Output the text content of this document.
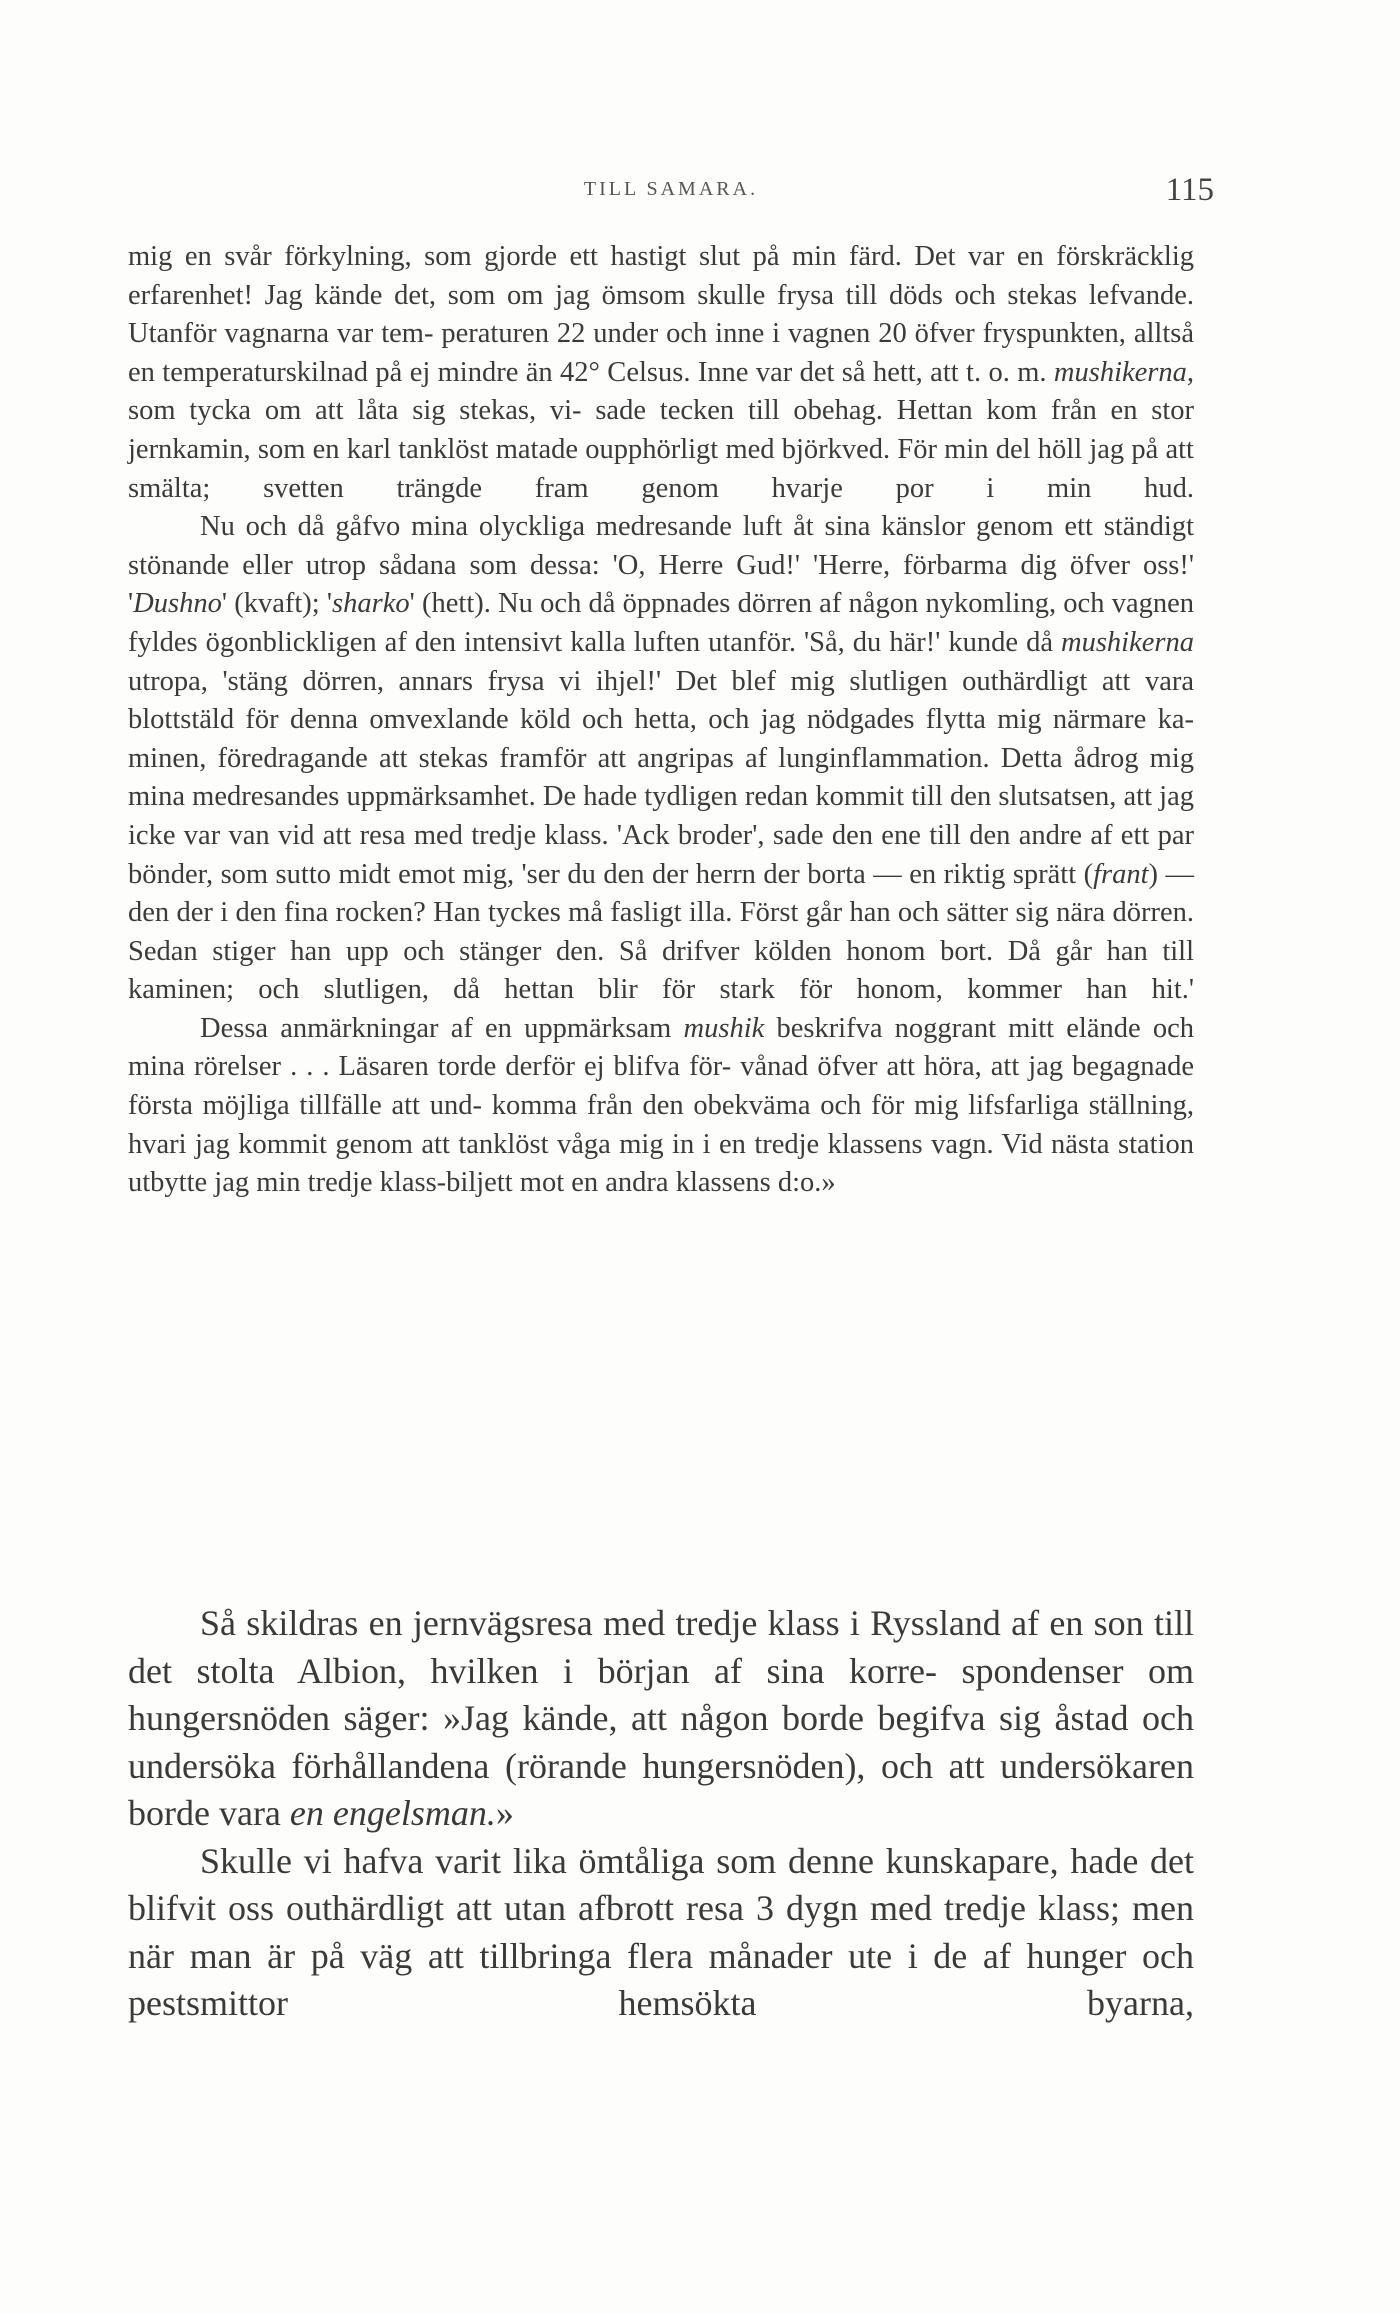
TILL SAMARA.	115

mig en svår förkylning, som gjorde ett hastigt slut på min färd. Det var en förskräcklig erfarenhet! Jag kände det, som om jag ömsom skulle frysa till döds och stekas lefvande. Utanför vagnarna var tem- peraturen 22 under och inne i vagnen 20 öfver fryspunkten, alltså en temperaturskilnad på ej mindre än 42° Celsus. Inne var det så hett, att t. o. m. mushikerna, som tycka om att låta sig stekas, vi- sade tecken till obehag. Hettan kom från en stor jernkamin, som en karl tanklöst matade oupphörligt med björkved. För min del höll jag på att smälta; svetten trängde fram genom hvarje por i min hud.

Nu och då gåfvo mina olyckliga medresande luft åt sina känslor genom ett ständigt stönande eller utrop sådana som dessa: 'O, Herre Gud!' 'Herre, förbarma dig öfver oss!' 'Dushno' (kvaft); 'sharko' (hett). Nu och då öppnades dörren af någon nykomling, och vagnen fyldes ögonblickligen af den intensivt kalla luften utanför. 'Så, du här!' kunde då mushikerna utropa, 'stäng dörren, annars frysa vi ihjel!' Det blef mig slutligen outhärdligt att vara blottstäld för denna omvexlande köld och hetta, och jag nödgades flytta mig närmare ka- minen, föredragande att stekas framför att angripas af lunginflammation. Detta ådrog mig mina medresandes uppmärksamhet. De hade tydligen redan kommit till den slutsatsen, att jag icke var van vid att resa med tredje klass. 'Ack broder', sade den ene till den andre af ett par bönder, som sutto midt emot mig, 'ser du den der herrn der borta — en riktig sprätt (frant) — den der i den fina rocken? Han tyckes må fasligt illa. Först går han och sätter sig nära dörren. Sedan stiger han upp och stänger den. Så drifver kölden honom bort. Då går han till kaminen; och slutligen, då hettan blir för stark för honom, kommer han hit.'

Dessa anmärkningar af en uppmärksam mushik beskrifva noggrant mitt elände och mina rörelser . . . Läsaren torde derför ej blifva för- vånad öfver att höra, att jag begagnade första möjliga tillfälle att und- komma från den obekväma och för mig lifsfarliga ställning, hvari jag kommit genom att tanklöst våga mig in i en tredje klassens vagn. Vid nästa station utbytte jag min tredje klass-biljett mot en andra klassens d:o.»

Så skildras en jernvägsresa med tredje klass i Ryssland af en son till det stolta Albion, hvilken i början af sina korre- spondenser om hungersnöden säger: »Jag kände, att någon borde begifva sig åstad och undersöka förhållandena (rörande hungersnöden), och att undersökaren borde vara en engelsman.»

Skulle vi hafva varit lika ömtåliga som denne kunskapare, hade det blifvit oss outhärdligt att utan afbrott resa 3 dygn med tredje klass; men när man är på väg att tillbringa flera månader ute i de af hunger och pestsmittor hemsökta byarna,
